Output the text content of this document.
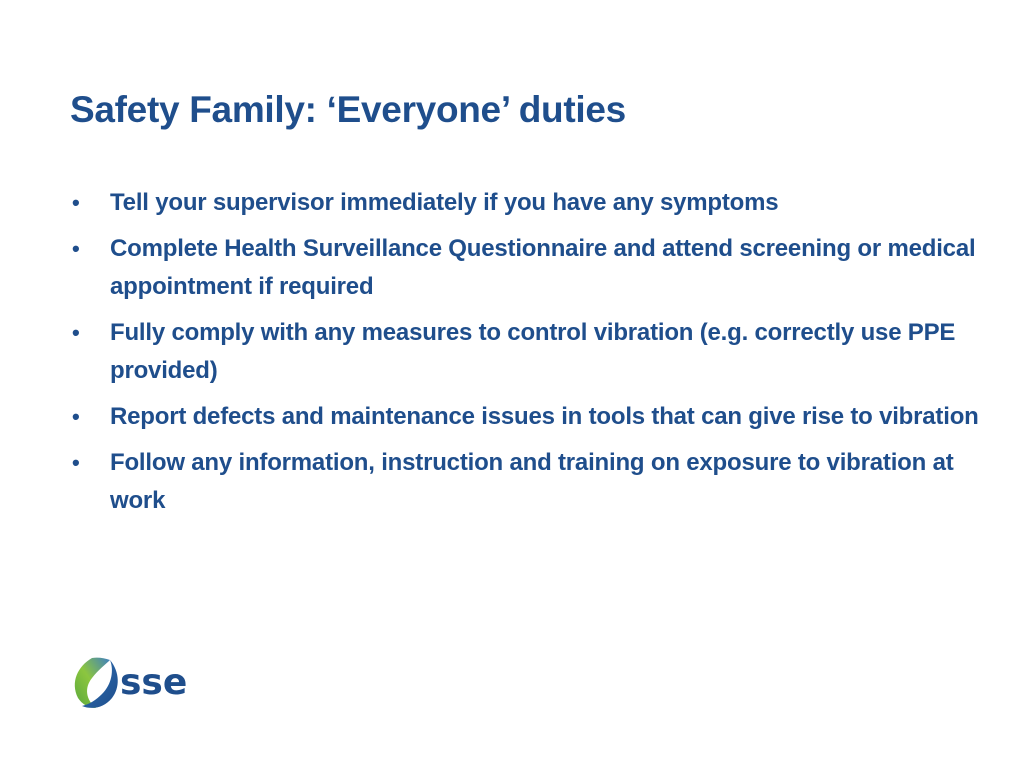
Safety Family: ‘Everyone’ duties
• Tell your supervisor immediately if you have any symptoms
• Complete Health Surveillance Questionnaire and attend screening or medical appointment if required
• Fully comply with any measures to control vibration (e.g. correctly use PPE provided)
• Report defects and maintenance issues in tools that can give rise to vibration
• Follow any information, instruction and training on exposure to vibration at work
sse
